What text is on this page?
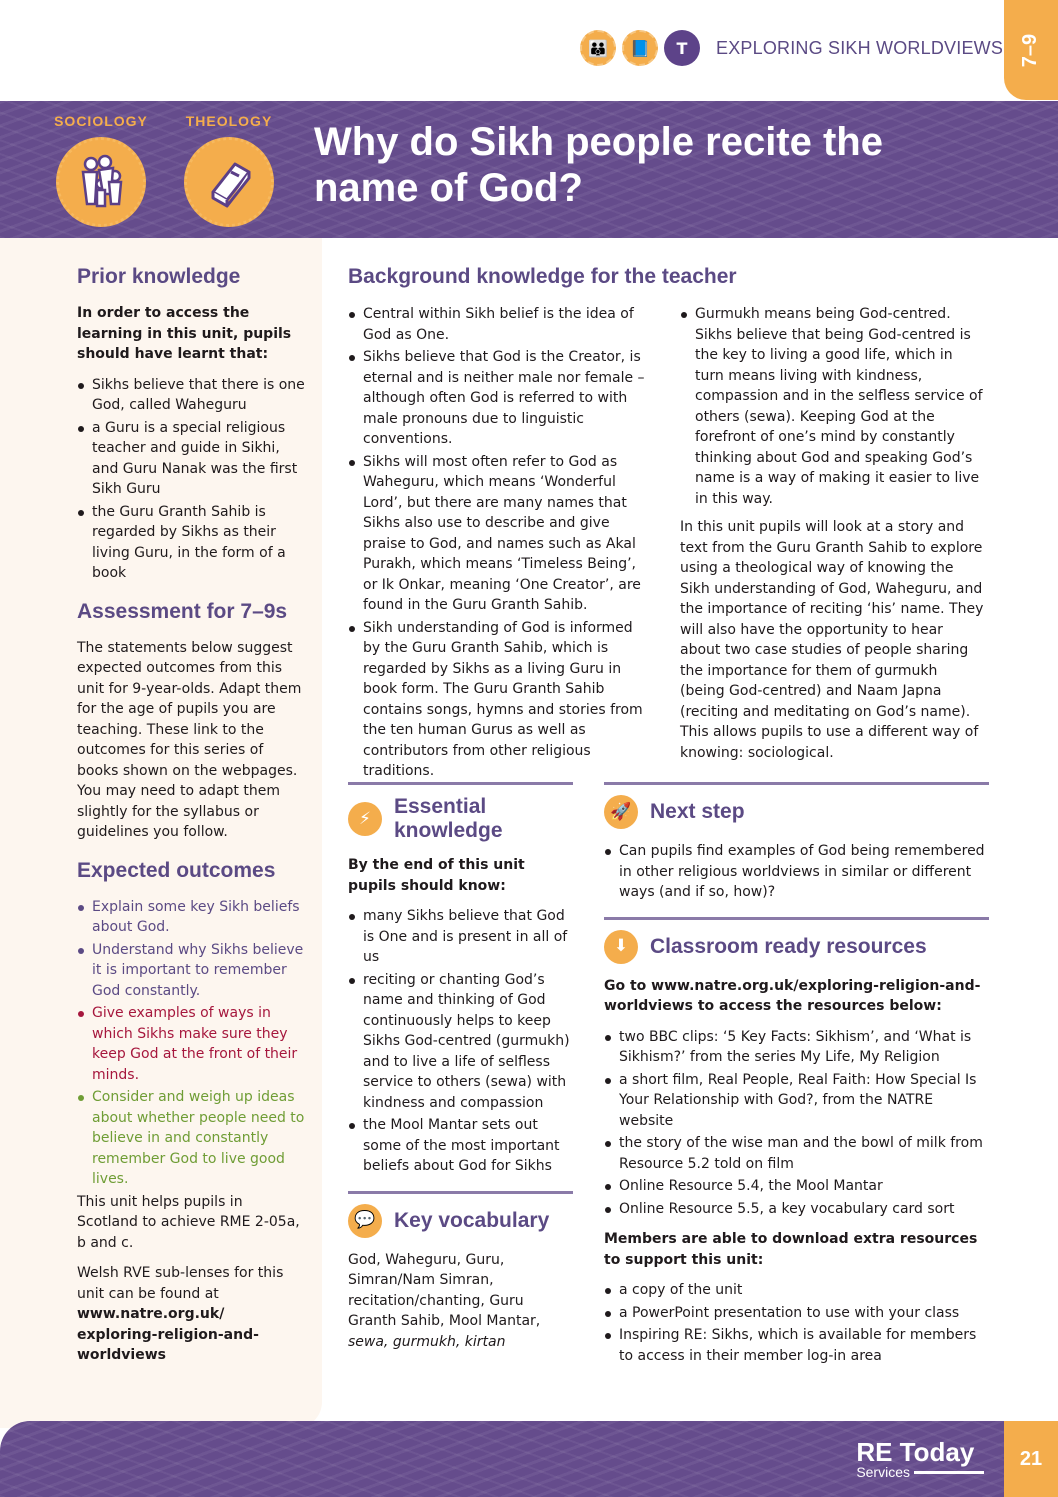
👪	📘	T	EXPLORING SIKH WORLDVIEWS 7–9
SOCIOLOGY	THEOLOGY	Why do Sikh people recite the name of God?
Prior knowledge
In order to access the learning in this unit, pupils should have learnt that:
Sikhs believe that there is one God, called Waheguru
a Guru is a special religious teacher and guide in Sikhi, and Guru Nanak was the first Sikh Guru
the Guru Granth Sahib is regarded by Sikhs as their living Guru, in the form of a book
Assessment for 7–9s

The statements below suggest expected outcomes from this unit for 9-year-olds. Adapt them for the age of pupils you are teaching. These link to the outcomes for this series of books shown on the webpages. You may need to adapt them slightly for the syllabus or guidelines you follow.

Expected outcomes
Explain some key Sikh beliefs about God.
Understand why Sikhs believe it is important to remember God constantly.
Give examples of ways in which Sikhs make sure they keep God at the front of their minds.
Consider and weigh up ideas about whether people need to believe in and constantly remember God to live good lives.

This unit helps pupils in Scotland to achieve RME 2-05a, b and c.

Welsh RVE sub-lenses for this unit can be found at www.natre.org.uk/ exploring-religion-and-worldviews

Background knowledge for the teacher
Central within Sikh belief is the idea of God as One.
Sikhs believe that God is the Creator, is eternal and is neither male nor female – although often God is referred to with male pronouns due to linguistic conventions.
Sikhs will most often refer to God as Waheguru, which means ‘Wonderful Lord’, but there are many names that Sikhs also use to describe and give praise to God, and names such as Akal Purakh, which means ‘Timeless Being’, or Ik Onkar, meaning ‘One Creator’, are found in the Guru Granth Sahib.
Sikh understanding of God is informed by the Guru Granth Sahib, which is regarded by Sikhs as a living Guru in book form. The Guru Granth Sahib contains songs, hymns and stories from the ten human Gurus as well as contributors from other religious traditions.
Gurmukh means being God-centred. Sikhs believe that being God-centred is the key to living a good life, which in turn means living with kindness, compassion and in the selfless service of others (sewa). Keeping God at the forefront of one’s mind by constantly thinking about God and speaking God’s name is a way of making it easier to live in this way.

In this unit pupils will look at a story and text from the Guru Granth Sahib to explore using a theological way of knowing the Sikh understanding of God, Waheguru, and the importance of reciting ‘his’ name. They will also have the opportunity to hear about two case studies of people sharing the importance for them of gurmukh (being God-centred) and Naam Japna (reciting and meditating on God’s name). This allows pupils to use a different way of knowing: sociological.

⚡
Essential knowledge
By the end of this unit pupils should know:
many Sikhs believe that God is One and is present in all of us
reciting or chanting God’s name and thinking of God continuously helps to keep Sikhs God-centred (gurmukh) and to live a life of selfless service to others (sewa) with kindness and compassion
the Mool Mantar sets out some of the most important beliefs about God for Sikhs
💬 Key vocabulary

God, Waheguru, Guru, Simran/Nam Simran, recitation/chanting, Guru Granth Sahib, Mool Mantar, sewa, gurmukh, kirtan

🚀 Next step
Can pupils find examples of God being remembered in other religious worldviews in similar or different ways (and if so, how)?
⬇	Classroom ready resources
Go to www.natre.org.uk/exploring-religion-and-worldviews to access the resources below:
two BBC clips: ‘5 Key Facts: Sikhism’, and ‘What is Sikhism?’ from the series My Life, My Religion
a short film, Real People, Real Faith: How Special Is Your Relationship with God?, from the NATRE website
the story of the wise man and the bowl of milk from Resource 5.2 told on film
Online Resource 5.4, the Mool Mantar
Online Resource 5.5, a key vocabulary card sort
Members are able to download extra resources to support this unit:
a copy of the unit
a PowerPoint presentation to use with your class
Inspiring RE: Sikhs, which is available for members to access in their member log-in area
RE Today
Services
21
